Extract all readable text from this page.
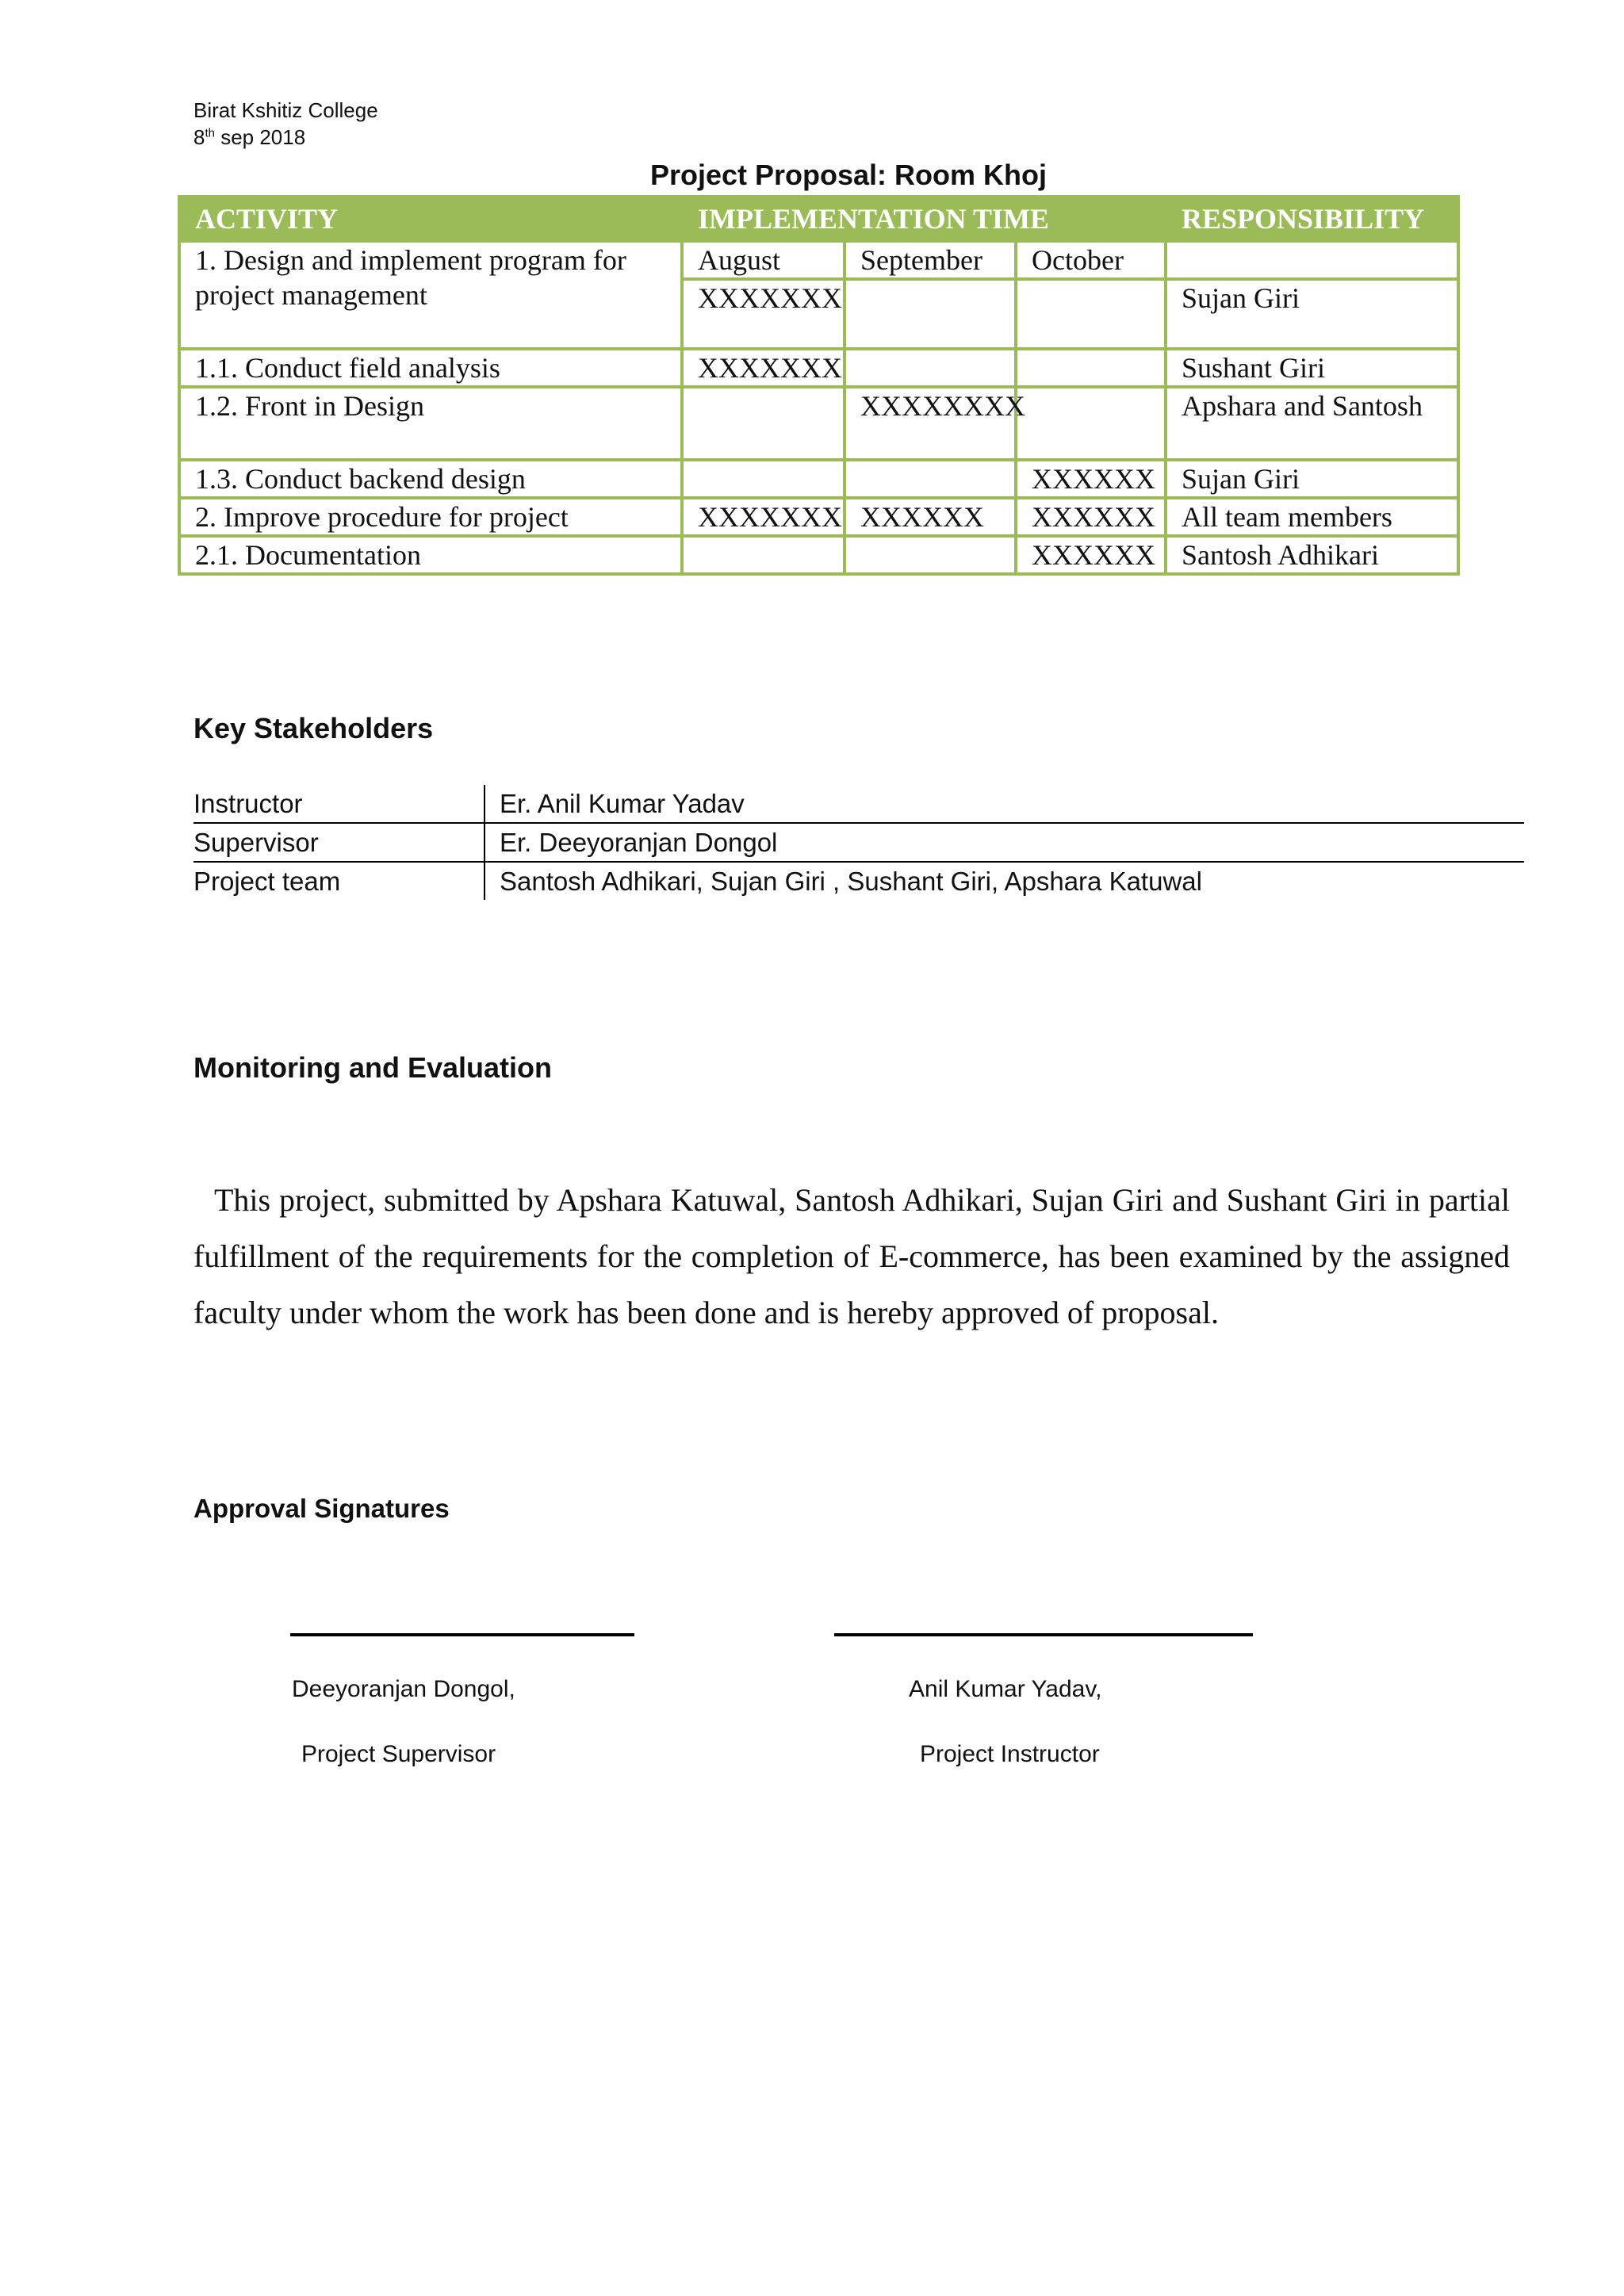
Birat Kshitiz College
8th sep 2018
Project Proposal: Room Khoj
ACTIVITY	IMPLEMENTATION TIME			RESPONSIBILITY
1. Design and implement program for project management	August	September	October	
	XXXXXXX			Sujan Giri
1.1. Conduct field analysis	XXXXXXX			Sushant Giri
1.2. Front in Design		XXXXXXXX		Apshara and Santosh
1.3. Conduct backend design			XXXXXX	Sujan Giri
2. Improve procedure for project	XXXXXXX	XXXXXX	XXXXXX	All team members
2.1. Documentation			XXXXXX	Santosh Adhikari
Key Stakeholders
Instructor	Er. Anil Kumar Yadav
Supervisor	Er. Deeyoranjan Dongol
Project team	Santosh Adhikari, Sujan Giri , Sushant Giri, Apshara Katuwal
Monitoring and Evaluation
This project, submitted by Apshara Katuwal, Santosh Adhikari, Sujan Giri and Sushant Giri in partial fulfillment of the requirements for the completion of E-commerce, has been examined by the assigned faculty under whom the work has been done and is hereby approved of proposal.
Approval Signatures
Deeyoranjan Dongol,
Project Supervisor
Anil Kumar Yadav,
Project Instructor
